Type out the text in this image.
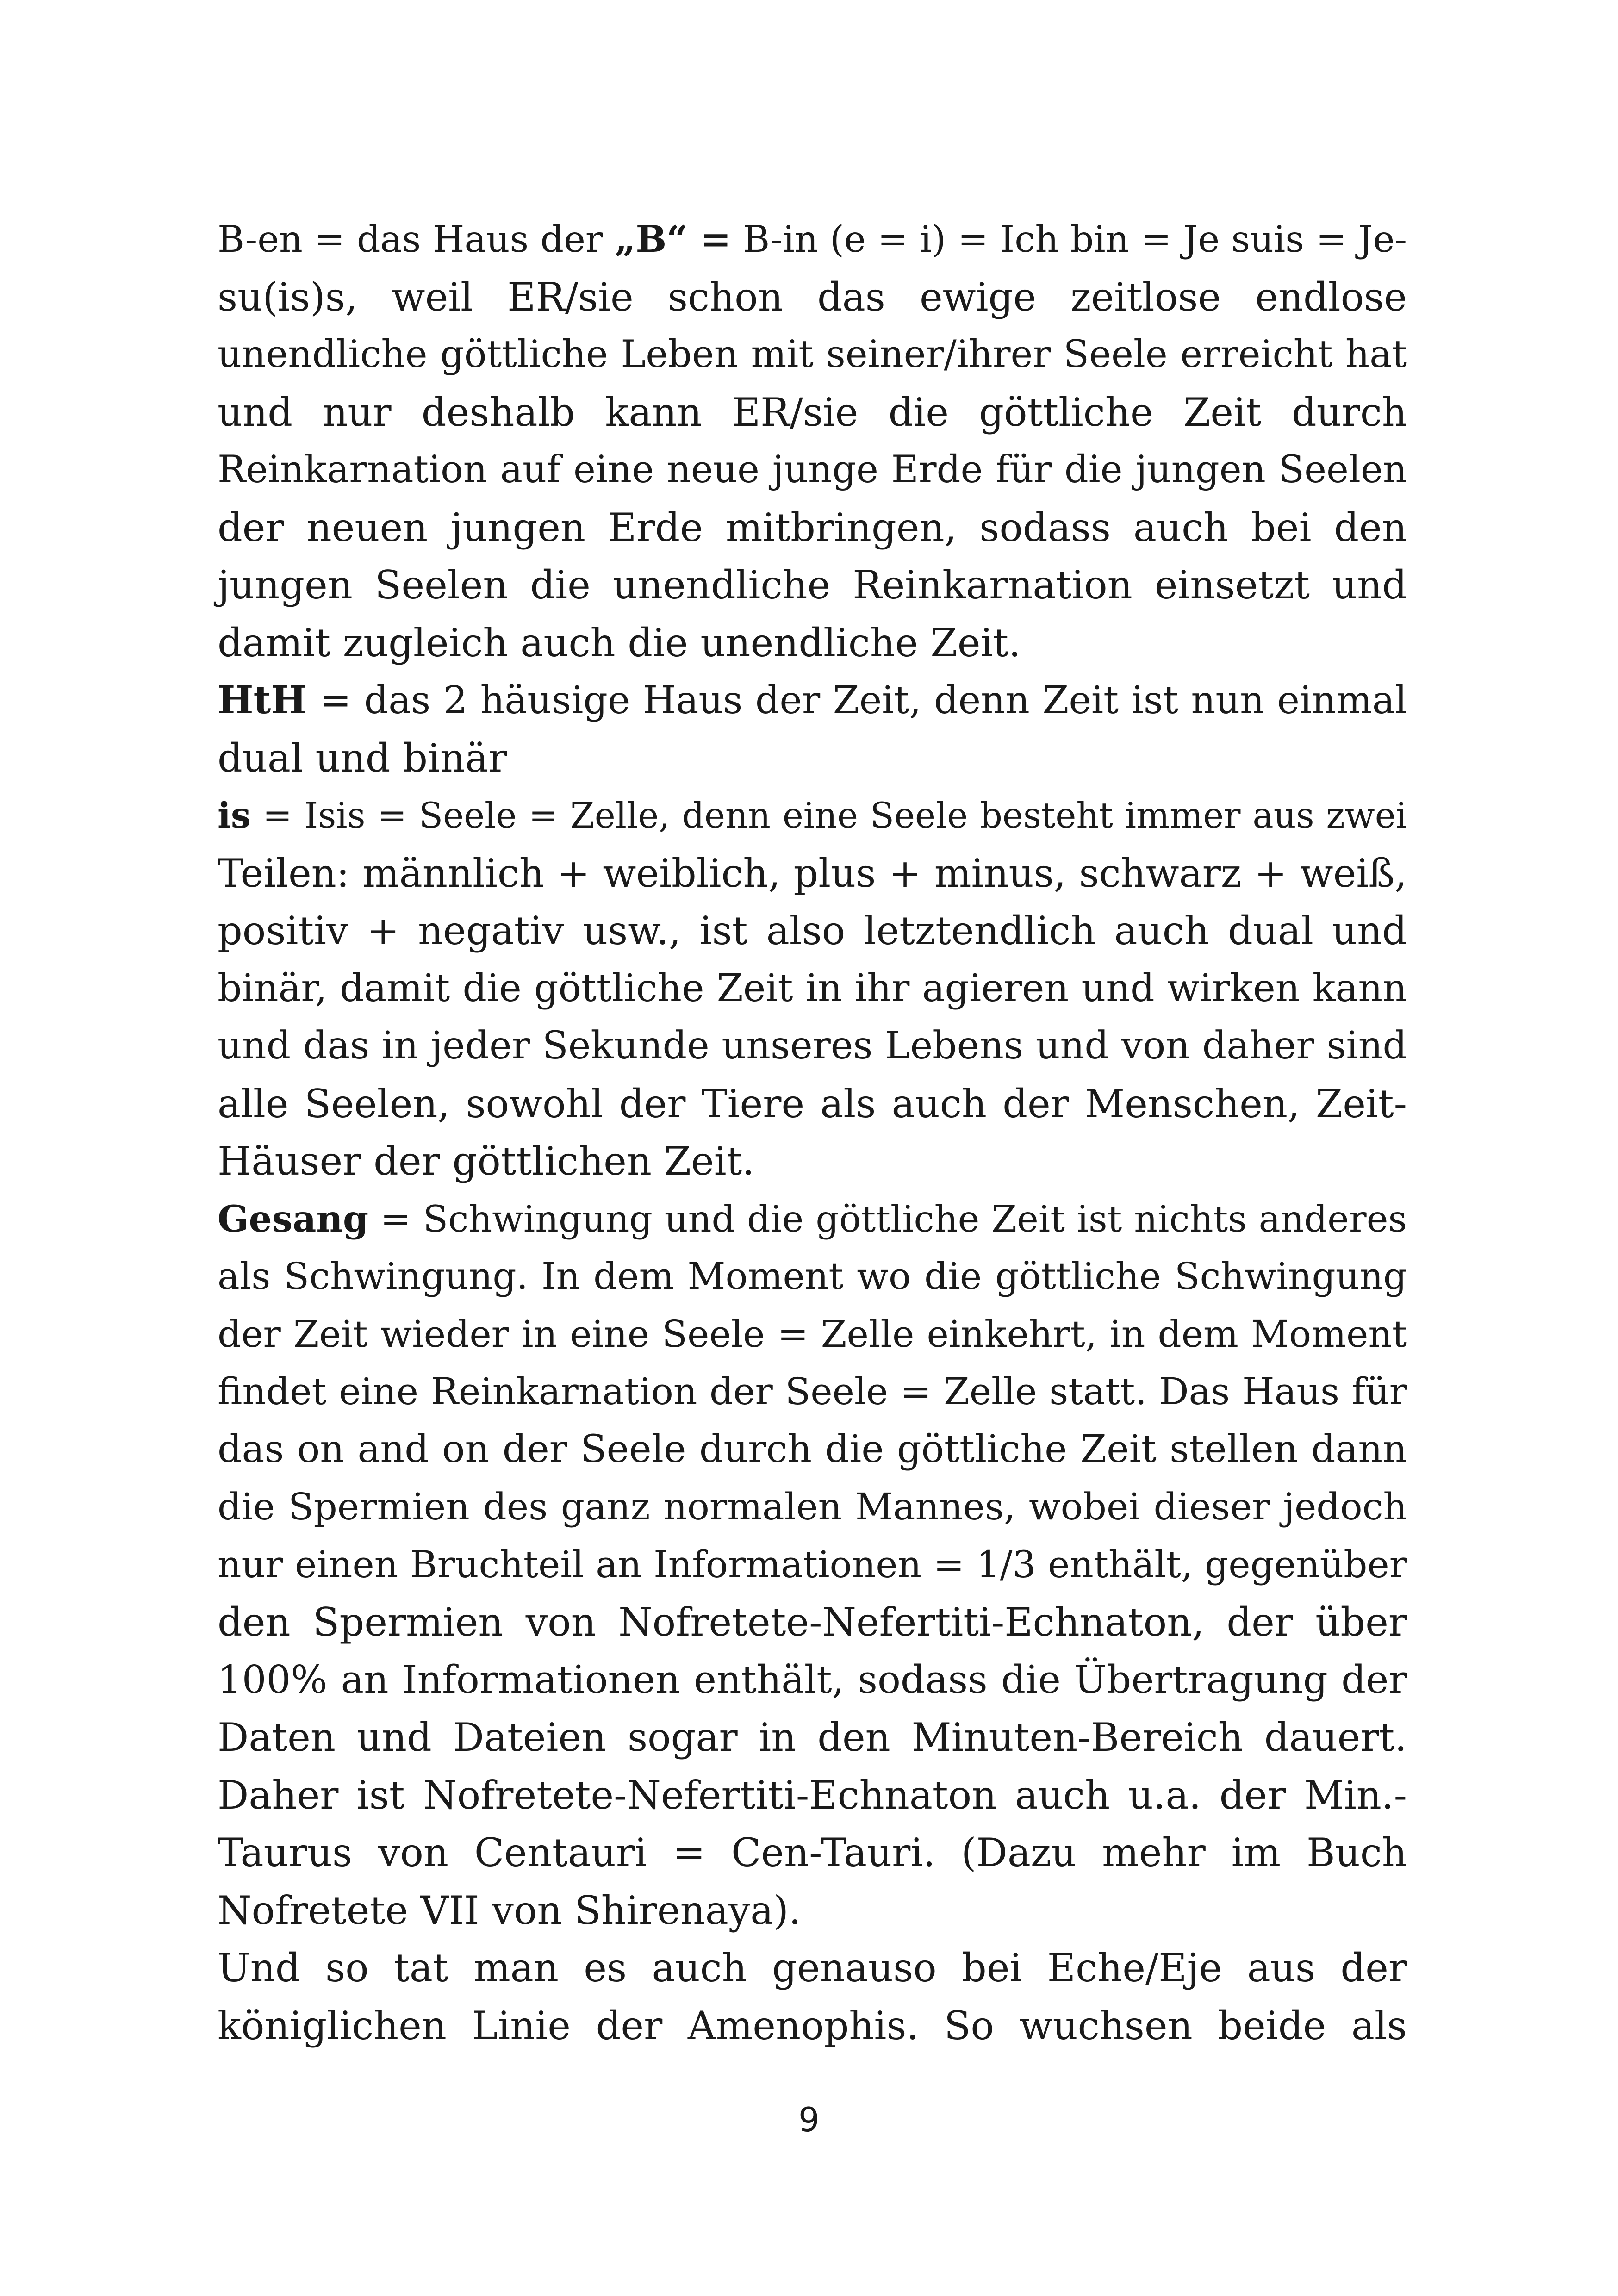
B-en = das Haus der „B“ = B-in (e = i) = Ich bin = Je suis = Je-
su(is)s, weil ER/sie schon das ewige zeitlose endlose
unendliche göttliche Leben mit seiner/ihrer Seele erreicht hat
und nur deshalb kann ER/sie die göttliche Zeit durch
Reinkarnation auf eine neue junge Erde für die jungen Seelen
der neuen jungen Erde mitbringen, sodass auch bei den
jungen Seelen die unendliche Reinkarnation einsetzt und
damit zugleich auch die unendliche Zeit.
HtH = das 2 häusige Haus der Zeit, denn Zeit ist nun einmal
dual und binär
is = Isis = Seele = Zelle, denn eine Seele besteht immer aus zwei
Teilen: männlich + weiblich, plus + minus, schwarz + weiß,
positiv + negativ usw., ist also letztendlich auch dual und
binär, damit die göttliche Zeit in ihr agieren und wirken kann
und das in jeder Sekunde unseres Lebens und von daher sind
alle Seelen, sowohl der Tiere als auch der Menschen, Zeit-
Häuser der göttlichen Zeit.
Gesang = Schwingung und die göttliche Zeit ist nichts anderes
als Schwingung. In dem Moment wo die göttliche Schwingung
der Zeit wieder in eine Seele = Zelle einkehrt, in dem Moment
findet eine Reinkarnation der Seele = Zelle statt. Das Haus für
das on and on der Seele durch die göttliche Zeit stellen dann
die Spermien des ganz normalen Mannes, wobei dieser jedoch
nur einen Bruchteil an Informationen = 1/3 enthält, gegenüber
den Spermien von Nofretete-Nefertiti-Echnaton, der über
100% an Informationen enthält, sodass die Übertragung der
Daten und Dateien sogar in den Minuten-Bereich dauert.
Daher ist Nofretete-Nefertiti-Echnaton auch u.a. der Min.-
Taurus von Centauri = Cen-Tauri. (Dazu mehr im Buch
Nofretete VII von Shirenaya).
Und so tat man es auch genauso bei Eche/Eje aus der
königlichen Linie der Amenophis. So wuchsen beide als
9
